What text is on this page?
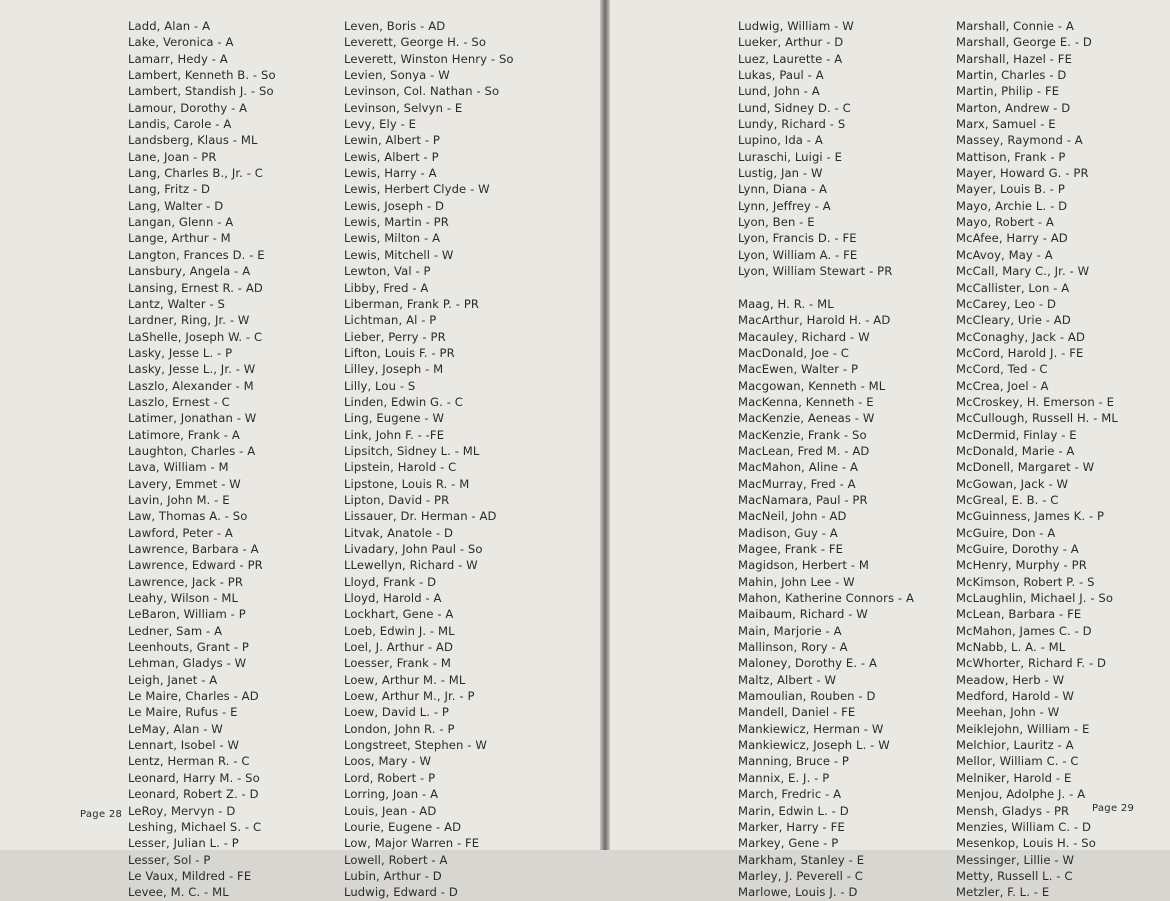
Ladd, Alan - A
Lake, Veronica - A
Lamarr, Hedy - A
Lambert, Kenneth B. - So
Lambert, Standish J. - So
Lamour, Dorothy - A
Landis, Carole - A
Landsberg, Klaus - ML
Lane, Joan - PR
Lang, Charles B., Jr. - C
Lang, Fritz - D
Lang, Walter - D
Langan, Glenn - A
Lange, Arthur - M
Langton, Frances D. - E
Lansbury, Angela - A
Lansing, Ernest R. - AD
Lantz, Walter - S
Lardner, Ring, Jr. - W
LaShelle, Joseph W. - C
Lasky, Jesse L. - P
Lasky, Jesse L., Jr. - W
Laszlo, Alexander - M
Laszlo, Ernest - C
Latimer, Jonathan - W
Latimore, Frank - A
Laughton, Charles - A
Lava, William - M
Lavery, Emmet - W
Lavin, John M. - E
Law, Thomas A. - So
Lawford, Peter - A
Lawrence, Barbara - A
Lawrence, Edward - PR
Lawrence, Jack - PR
Leahy, Wilson - ML
LeBaron, William - P
Ledner, Sam - A
Leenhouts, Grant - P
Lehman, Gladys - W
Leigh, Janet - A
Le Maire, Charles - AD
Le Maire, Rufus - E
LeMay, Alan - W
Lennart, Isobel - W
Lentz, Herman R. - C
Leonard, Harry M. - So
Leonard, Robert Z. - D
LeRoy, Mervyn - D
Leshing, Michael S. - C
Lesser, Julian L. - P
Lesser, Sol - P
Le Vaux, Mildred - FE
Levee, M. C. - ML
Leven, Boris - AD
Leverett, George H. - So
Leverett, Winston Henry - So
Levien, Sonya - W
Levinson, Col. Nathan - So
Levinson, Selvyn - E
Levy, Ely - E
Lewin, Albert - P
Lewis, Albert - P
Lewis, Harry - A
Lewis, Herbert Clyde - W
Lewis, Joseph - D
Lewis, Martin - PR
Lewis, Milton - A
Lewis, Mitchell - W
Lewton, Val - P
Libby, Fred - A
Liberman, Frank P. - PR
Lichtman, Al - P
Lieber, Perry - PR
Lifton, Louis F. - PR
Lilley, Joseph - M
Lilly, Lou - S
Linden, Edwin G. - C
Ling, Eugene - W
Link, John F. - -FE
Lipsitch, Sidney L. - ML
Lipstein, Harold - C
Lipstone, Louis R. - M
Lipton, David - PR
Lissauer, Dr. Herman - AD
Litvak, Anatole - D
Livadary, John Paul - So
LLewellyn, Richard - W
Lloyd, Frank - D
Lloyd, Harold - A
Lockhart, Gene - A
Loeb, Edwin J. - ML
Loel, J. Arthur - AD
Loesser, Frank - M
Loew, Arthur M. - ML
Loew, Arthur M., Jr. - P
Loew, David L. - P
London, John R. - P
Longstreet, Stephen - W
Loos, Mary - W
Lord, Robert - P
Lorring, Joan - A
Louis, Jean - AD
Lourie, Eugene - AD
Low, Major Warren - FE
Lowell, Robert - A
Lubin, Arthur - D
Ludwig, Edward - D
Page 28
Ludwig, William - W
Lueker, Arthur - D
Luez, Laurette - A
Lukas, Paul - A
Lund, John - A
Lund, Sidney D. - C
Lundy, Richard - S
Lupino, Ida - A
Luraschi, Luigi - E
Lustig, Jan - W
Lynn, Diana - A
Lynn, Jeffrey - A
Lyon, Ben - E
Lyon, Francis D. - FE
Lyon, William A. - FE
Lyon, William Stewart - PR
Maag, H. R. - ML
MacArthur, Harold H. - AD
Macauley, Richard - W
MacDonald, Joe - C
MacEwen, Walter - P
Macgowan, Kenneth - ML
MacKenna, Kenneth - E
MacKenzie, Aeneas - W
MacKenzie, Frank - So
MacLean, Fred M. - AD
MacMahon, Aline - A
MacMurray, Fred - A
MacNamara, Paul - PR
MacNeil, John - AD
Madison, Guy - A
Magee, Frank - FE
Magidson, Herbert - M
Mahin, John Lee - W
Mahon, Katherine Connors - A
Maibaum, Richard - W
Main, Marjorie - A
Mallinson, Rory - A
Maloney, Dorothy E. - A
Maltz, Albert - W
Mamoulian, Rouben - D
Mandell, Daniel - FE
Mankiewicz, Herman - W
Mankiewicz, Joseph L. - W
Manning, Bruce - P
Mannix, E. J. - P
March, Fredric - A
Marin, Edwin L. - D
Marker, Harry - FE
Markey, Gene - P
Markham, Stanley - E
Marley, J. Peverell - C
Marlowe, Louis J. - D
Marshall, Connie - A
Marshall, George E. - D
Marshall, Hazel - FE
Martin, Charles - D
Martin, Philip - FE
Marton, Andrew - D
Marx, Samuel - E
Massey, Raymond - A
Mattison, Frank - P
Mayer, Howard G. - PR
Mayer, Louis B. - P
Mayo, Archie L. - D
Mayo, Robert - A
McAfee, Harry - AD
McAvoy, May - A
McCall, Mary C., Jr. - W
McCallister, Lon - A
McCarey, Leo - D
McCleary, Urie - AD
McConaghy, Jack - AD
McCord, Harold J. - FE
McCord, Ted - C
McCrea, Joel - A
McCroskey, H. Emerson - E
McCullough, Russell H. - ML
McDermid, Finlay - E
McDonald, Marie - A
McDonell, Margaret - W
McGowan, Jack - W
McGreal, E. B. - C
McGuinness, James K. - P
McGuire, Don - A
McGuire, Dorothy - A
McHenry, Murphy - PR
McKimson, Robert P. - S
McLaughlin, Michael J. - So
McLean, Barbara - FE
McMahon, James C. - D
McNabb, L. A. - ML
McWhorter, Richard F. - D
Meadow, Herb - W
Medford, Harold - W
Meehan, John - W
Meiklejohn, William - E
Melchior, Lauritz - A
Mellor, William C. - C
Melniker, Harold - E
Menjou, Adolphe J. - A
Mensh, Gladys - PR
Menzies, William C. - D
Mesenkop, Louis H. - So
Messinger, Lillie - W
Metty, Russell L. - C
Metzler, F. L. - E
Page 29
